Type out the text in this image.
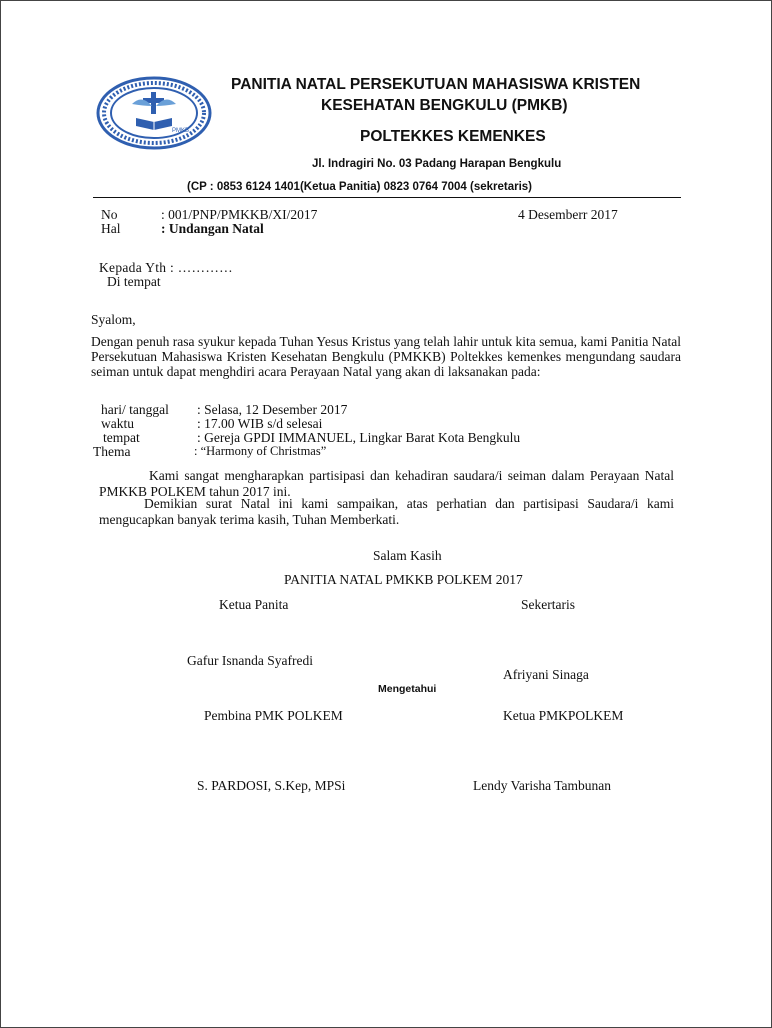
PMKB
PANITIA NATAL PERSEKUTUAN MAHASISWA KRISTEN
KESEHATAN BENGKULU (PMKB)
POLTEKKES KEMENKES
Jl. Indragiri No. 03 Padang Harapan Bengkulu
(CP : 0853 6124 1401(Ketua Panitia) 0823 0764 7004 (sekretaris)
No	: 001/PNP/PMKKB/XI/2017	4 Desemberr 2017
Hal	: Undangan Natal
Kepada Yth : …………
Di tempat
Syalom,
Dengan penuh rasa syukur kepada Tuhan Yesus Kristus yang telah lahir untuk kita semua, kami Panitia Natal Persekutuan Mahasiswa Kristen Kesehatan Bengkulu (PMKKB) Poltekkes kemenkes mengundang saudara seiman untuk dapat menghdiri acara Perayaan Natal yang akan di laksanakan pada:
hari/ tanggal : Selasa, 12 Desember 2017
waktu	: 17.00 WIB s/d selesai
tempat	: Gereja GPDI IMMANUEL, Lingkar Barat Kota Bengkulu
Thema	: “Harmony of Christmas”
Kami sangat mengharapkan partisipasi dan kehadiran saudara/i seiman dalam Perayaan Natal PMKKB POLKEM tahun 2017 ini.
Demikian surat Natal ini kami sampaikan, atas perhatian dan partisipasi Saudara/i kami mengucapkan banyak terima kasih, Tuhan Memberkati.
Salam Kasih
PANITIA NATAL PMKKB POLKEM 2017
Ketua Panita	Sekertaris
Gafur Isnanda Syafredi
Afriyani Sinaga
Mengetahui
Pembina PMK POLKEM	Ketua PMKPOLKEM
S. PARDOSI, S.Kep, MPSi	Lendy Varisha Tambunan
